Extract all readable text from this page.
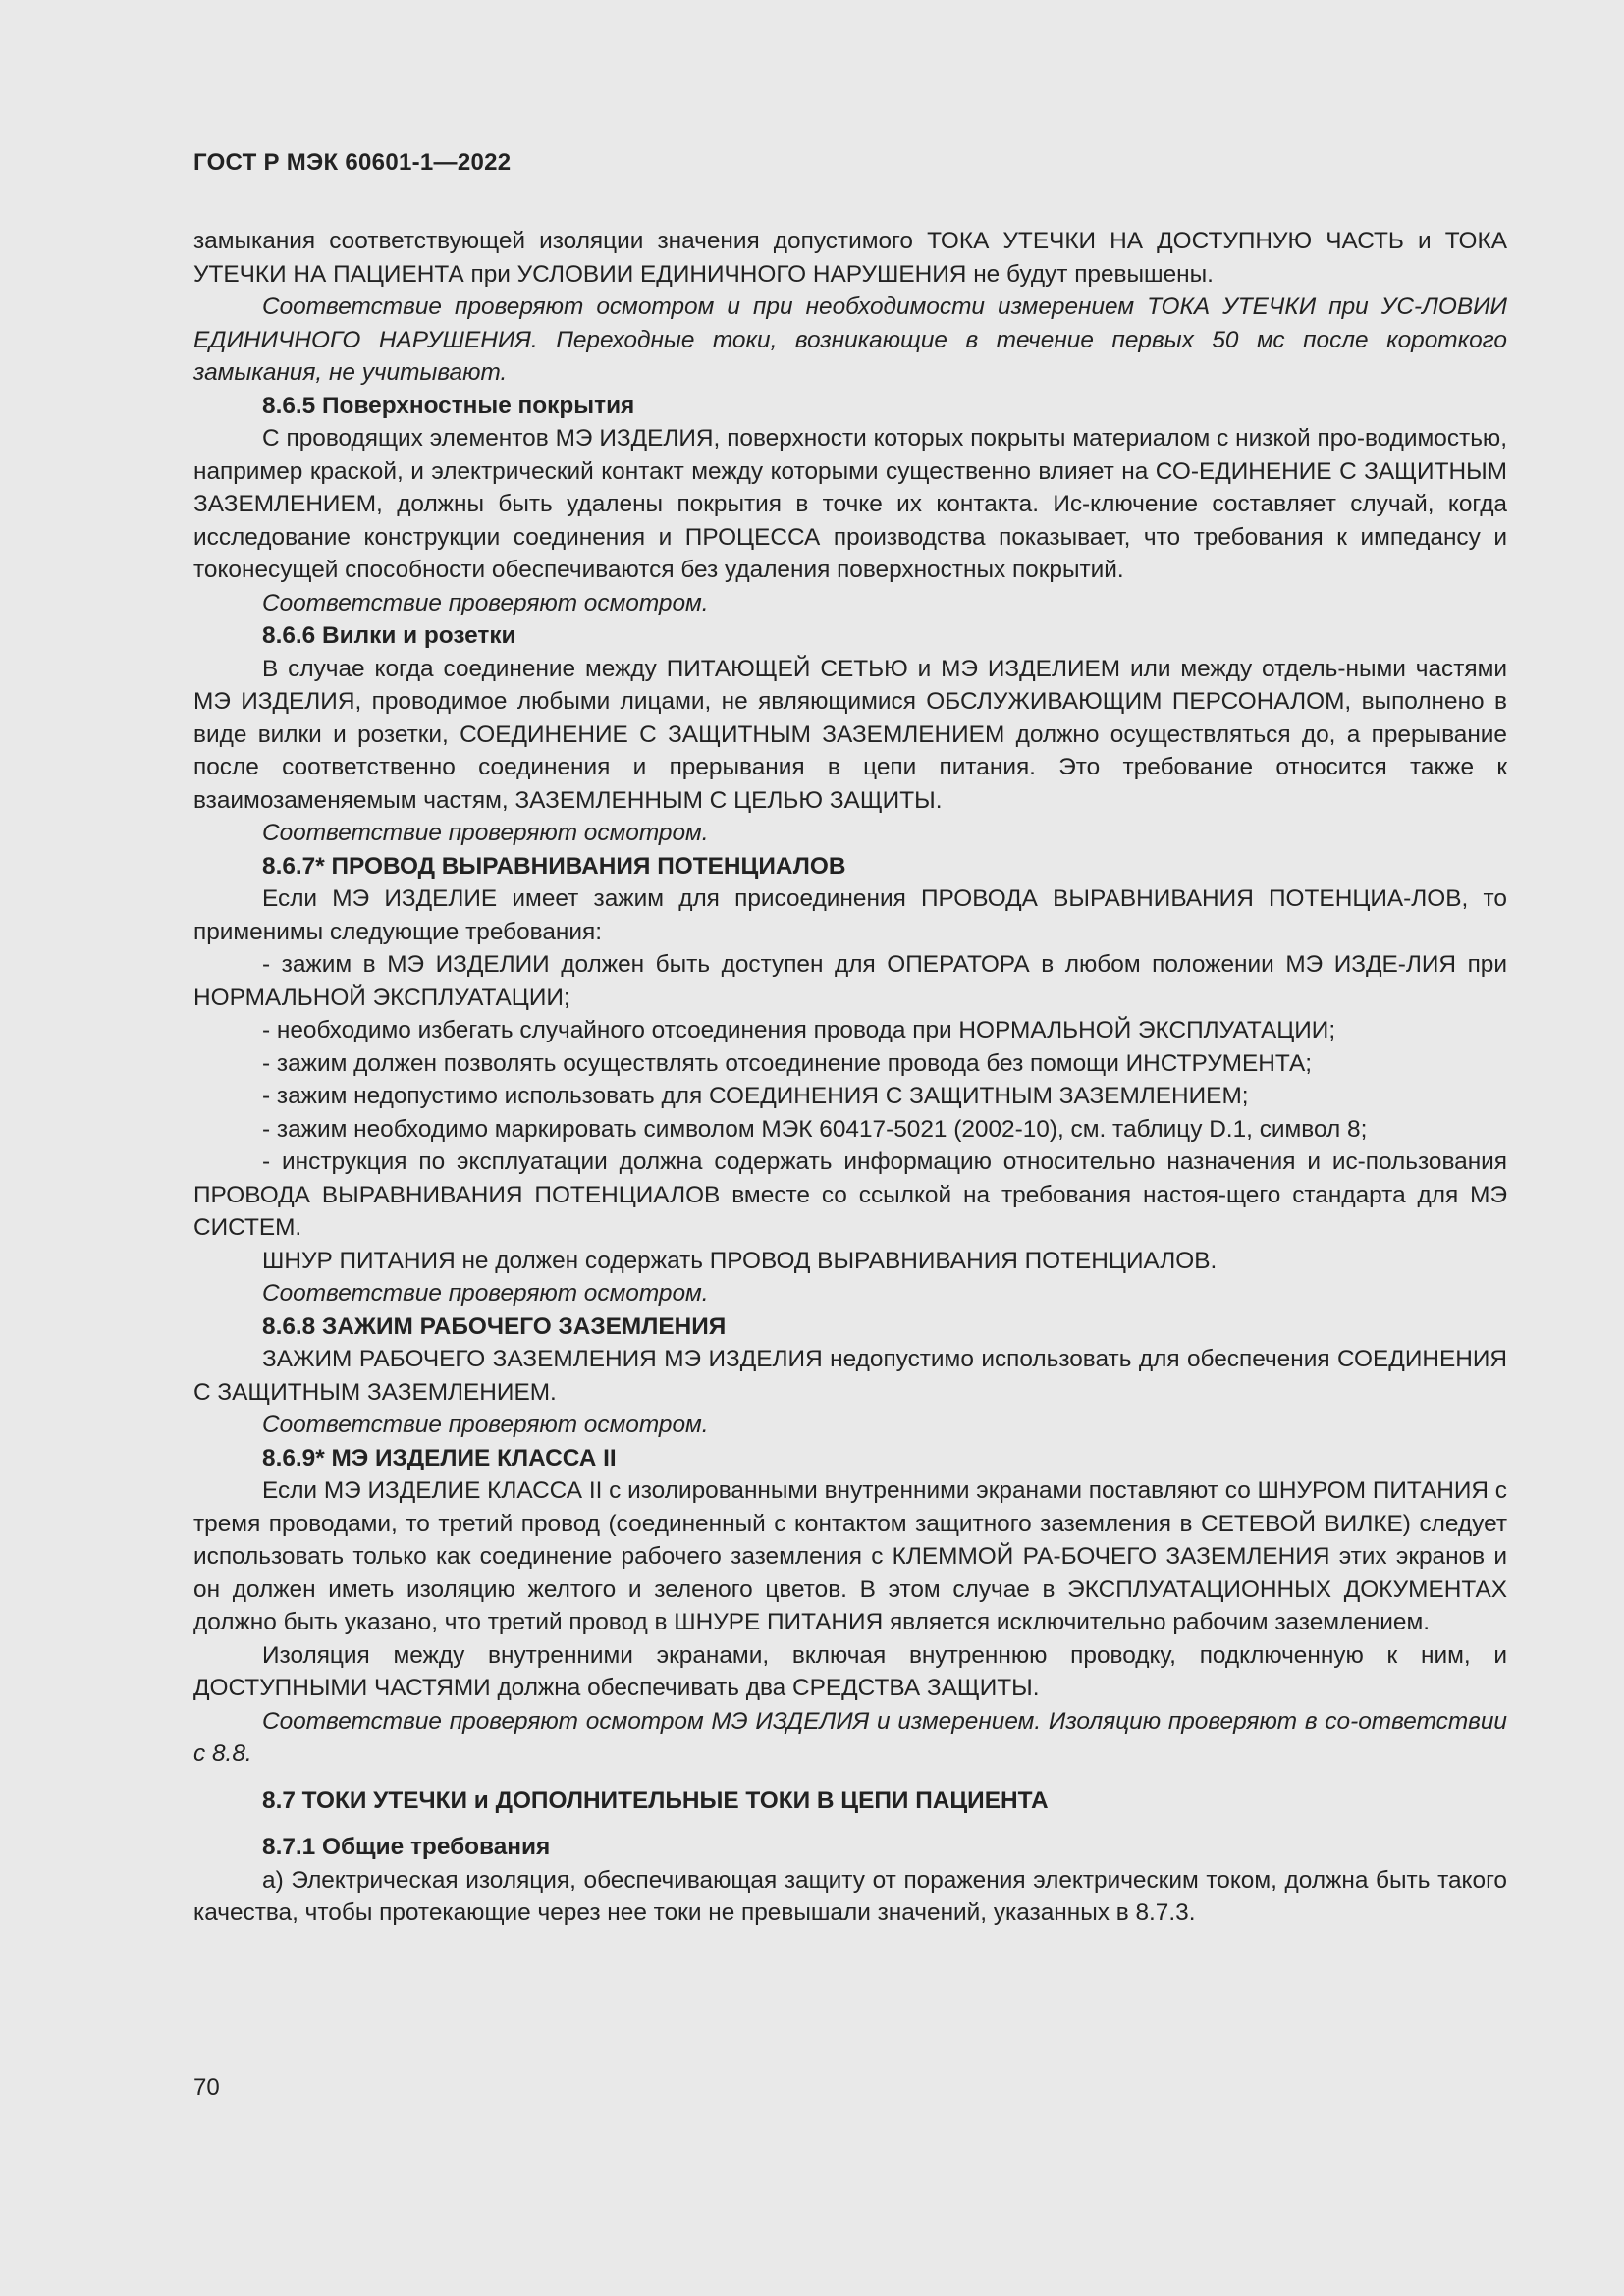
ГОСТ Р МЭК 60601-1—2022

замыкания соответствующей изоляции значения допустимого ТОКА УТЕЧКИ НА ДОСТУПНУЮ ЧАСТЬ и ТОКА УТЕЧКИ НА ПАЦИЕНТА при УСЛОВИИ ЕДИНИЧНОГО НАРУШЕНИЯ не будут превышены.

Соответствие проверяют осмотром и при необходимости измерением ТОКА УТЕЧКИ при УС-ЛОВИИ ЕДИНИЧНОГО НАРУШЕНИЯ. Переходные токи, возникающие в течение первых 50 мс после короткого замыкания, не учитывают.

8.6.5 Поверхностные покрытия

С проводящих элементов МЭ ИЗДЕЛИЯ, поверхности которых покрыты материалом с низкой про-водимостью, например краской, и электрический контакт между которыми существенно влияет на СО-ЕДИНЕНИЕ С ЗАЩИТНЫМ ЗАЗЕМЛЕНИЕМ, должны быть удалены покрытия в точке их контакта. Ис-ключение составляет случай, когда исследование конструкции соединения и ПРОЦЕССА производства показывает, что требования к импедансу и токонесущей способности обеспечиваются без удаления поверхностных покрытий.

Соответствие проверяют осмотром.

8.6.6 Вилки и розетки

В случае когда соединение между ПИТАЮЩЕЙ СЕТЬЮ и МЭ ИЗДЕЛИЕМ или между отдель-ными частями МЭ ИЗДЕЛИЯ, проводимое любыми лицами, не являющимися ОБСЛУЖИВАЮЩИМ ПЕРСОНАЛОМ, выполнено в виде вилки и розетки, СОЕДИНЕНИЕ С ЗАЩИТНЫМ ЗАЗЕМЛЕНИЕМ должно осуществляться до, а прерывание после соответственно соединения и прерывания в цепи питания. Это требование относится также к взаимозаменяемым частям, ЗАЗЕМЛЕННЫМ С ЦЕЛЬЮ ЗАЩИТЫ.

Соответствие проверяют осмотром.

8.6.7* ПРОВОД ВЫРАВНИВАНИЯ ПОТЕНЦИАЛОВ

Если МЭ ИЗДЕЛИЕ имеет зажим для присоединения ПРОВОДА ВЫРАВНИВАНИЯ ПОТЕНЦИА-ЛОВ, то применимы следующие требования:

- зажим в МЭ ИЗДЕЛИИ должен быть доступен для ОПЕРАТОРА в любом положении МЭ ИЗДЕ-ЛИЯ при НОРМАЛЬНОЙ ЭКСПЛУАТАЦИИ;

- необходимо избегать случайного отсоединения провода при НОРМАЛЬНОЙ ЭКСПЛУАТАЦИИ;

- зажим должен позволять осуществлять отсоединение провода без помощи ИНСТРУМЕНТА;

- зажим недопустимо использовать для СОЕДИНЕНИЯ С ЗАЩИТНЫМ ЗАЗЕМЛЕНИЕМ;

- зажим необходимо маркировать символом МЭК 60417-5021 (2002-10), см. таблицу D.1, символ 8;

- инструкция по эксплуатации должна содержать информацию относительно назначения и ис-пользования ПРОВОДА ВЫРАВНИВАНИЯ ПОТЕНЦИАЛОВ вместе со ссылкой на требования настоя-щего стандарта для МЭ СИСТЕМ.

ШНУР ПИТАНИЯ не должен содержать ПРОВОД ВЫРАВНИВАНИЯ ПОТЕНЦИАЛОВ.

Соответствие проверяют осмотром.

8.6.8 ЗАЖИМ РАБОЧЕГО ЗАЗЕМЛЕНИЯ

ЗАЖИМ РАБОЧЕГО ЗАЗЕМЛЕНИЯ МЭ ИЗДЕЛИЯ недопустимо использовать для обеспечения СОЕДИНЕНИЯ С ЗАЩИТНЫМ ЗАЗЕМЛЕНИЕМ.

Соответствие проверяют осмотром.

8.6.9* МЭ ИЗДЕЛИЕ КЛАССА II

Если МЭ ИЗДЕЛИЕ КЛАССА II с изолированными внутренними экранами поставляют со ШНУРОМ ПИТАНИЯ с тремя проводами, то третий провод (соединенный с контактом защитного заземления в СЕТЕВОЙ ВИЛКЕ) следует использовать только как соединение рабочего заземления с КЛЕММОЙ РА-БОЧЕГО ЗАЗЕМЛЕНИЯ этих экранов и он должен иметь изоляцию желтого и зеленого цветов. В этом случае в ЭКСПЛУАТАЦИОННЫХ ДОКУМЕНТАХ должно быть указано, что третий провод в ШНУРЕ ПИТАНИЯ является исключительно рабочим заземлением.

Изоляция между внутренними экранами, включая внутреннюю проводку, подключенную к ним, и ДОСТУПНЫМИ ЧАСТЯМИ должна обеспечивать два СРЕДСТВА ЗАЩИТЫ.

Соответствие проверяют осмотром МЭ ИЗДЕЛИЯ и измерением. Изоляцию проверяют в со-ответствии с 8.8.

8.7 ТОКИ УТЕЧКИ и ДОПОЛНИТЕЛЬНЫЕ ТОКИ В ЦЕПИ ПАЦИЕНТА

8.7.1 Общие требования

а) Электрическая изоляция, обеспечивающая защиту от поражения электрическим током, должна быть такого качества, чтобы протекающие через нее токи не превышали значений, указанных в 8.7.3.

70
